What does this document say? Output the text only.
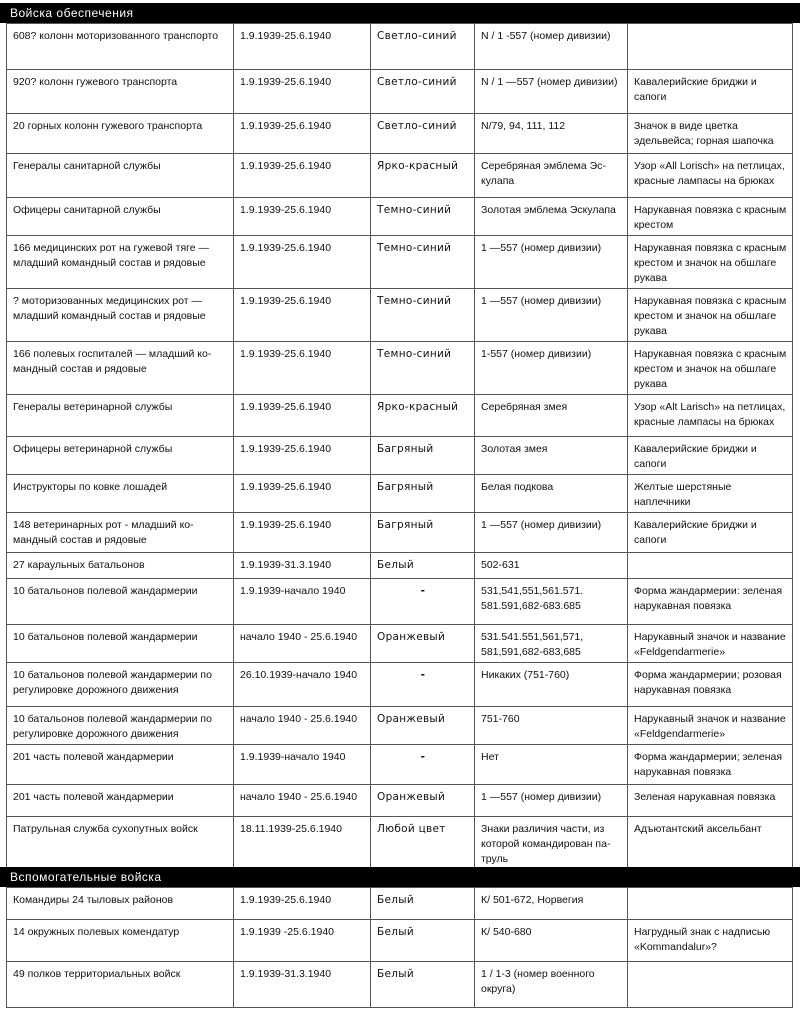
Войска обеспечения
608? колонн моторизованного транспорто	1.9.1939-25.6.1940	Светло-синий	N / 1 -557 (номер дивизии)	
920? колонн гужевого транспорта	1.9.1939-25.6.1940	Светло-синий	N / 1 —557 (номер дивизии)	Кавалерийские бриджи и сапоги
20 горных колонн гужевого транспорта	1.9.1939-25.6.1940	Светло-синий	N/79, 94, 111, 112	Значок в виде цветка эдельвейса; горная шапочка
Генералы санитарной службы	1.9.1939-25.6.1940	Ярко-красный	Серебряная эмблема Эскулапа	Узор «All Lorisch» на петлицах, красные лампасы на брюках
Офицеры санитарной службы	1.9.1939-25.6.1940	Темно-синий	Золотая эмблема Эскулапа	Нарукавная повязка с красным крестом
166 медицинских рот на гужевой тяге — младший командный состав и рядовые	1.9.1939-25.6.1940	Темно-синий	1 —557 (номер дивизии)	Нарукавная повязка с красным крестом и значок на обшлаге рукава
? моторизованных медицинских рот — младший командный состав и рядовые	1.9.1939-25.6.1940	Темно-синий	1 —557 (номер дивизии)	Нарукавная повязка с красным крестом и значок на обшлаге рукава
166 полевых госпиталей — младший командный состав и рядовые	1.9.1939-25.6.1940	Темно-синий	1-557 (номер дивизии)	Нарукавная повязка с красным крестом и значок на обшлаге рукава
Генералы ветеринарной службы	1.9.1939-25.6.1940	Ярко-красный	Серебряная змея	Узор «Alt Larisch» на петлицах, красные лампасы на брюках
Офицеры ветеринарной службы	1.9.1939-25.6.1940	Багряный	Золотая змея	Кавалерийские бриджи и сапоги
Инструкторы по ковке лошадей	1.9.1939-25.6.1940	Багряный	Белая подкова	Желтые шерстяные наплечники
148 ветеринарных рот - младший командный состав и рядовые	1.9.1939-25.6.1940	Багряный	1 —557 (номер дивизии)	Кавалерийские бриджи и сапоги
27 караульных батальонов	1.9.1939-31.3.1940	Белый	502-631	
10 батальонов полевой жандармерии	1.9.1939-начало 1940	-	531,541,551,561.571. 581.591,682-683.685	Форма жандармерии: зеленая нарукавная повязка
10 батальонов полевой жандармерии	начало 1940 - 25.6.1940	Оранжевый	531.541.551,561,571, 581,591,682-683,685	Нарукавный значок и название «Feldgendarmerie»
10 батальонов полевой жандармерии по регулировке дорожного движения	26.10.1939-начало 1940	-	Никаких (751-760)	Форма жандармерии; розовая нарукавная повязка
10 батальонов полевой жандармерии по регулировке дорожного движения	начало 1940 - 25.6.1940	Оранжевый	751-760	Нарукавный значок и название «Feldgendarmerie»
201 часть полевой жандармерии	1.9.1939-начало 1940	-	Нет	Форма жандармерии; зеленая нарукавная повязка
201 часть полевой жандармерии	начало 1940 - 25.6.1940	Оранжевый	1 —557 (номер дивизии)	Зеленая нарукавная повязка
Патрульная служба сухопутных войск	18.11.1939-25.6.1940	Любой цвет	Знаки различия части, из которой командирован патруль	Адъютантский аксельбант
Вспомогательные войска
Командиры 24 тыловых районов	1.9.1939-25.6.1940	Белый	К/ 501-672, Норвегия	
14 окружных полевых комендатур	1.9.1939 -25.6.1940	Белый	К/ 540-680	Нагрудный знак с надписью «Kommandalur»?
49 полков территориальных войск	1.9.1939-31.3.1940	Белый	1 / 1-3 (номер военного округа)	
